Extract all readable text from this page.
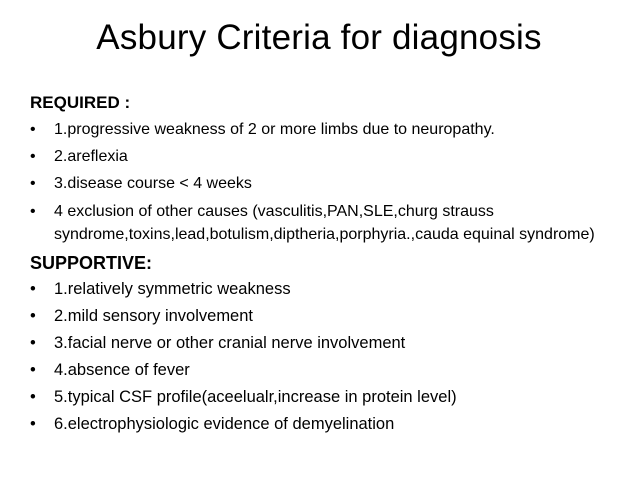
Asbury Criteria for diagnosis
REQUIRED :
•	1.progressive weakness of 2 or more limbs due to neuropathy.
•	2.areflexia
•	3.disease course < 4 weeks
•	4 exclusion of other causes (vasculitis,PAN,SLE,churg strauss syndrome,toxins,lead,botulism,diptheria,porphyria.,cauda equinal syndrome)
SUPPORTIVE:
•	1.relatively symmetric weakness
•	2.mild sensory involvement
•	3.facial nerve or other cranial nerve involvement
•	4.absence of fever
•	5.typical CSF profile(aceelualr,increase in protein level)
•	6.electrophysiologic evidence of demyelination
